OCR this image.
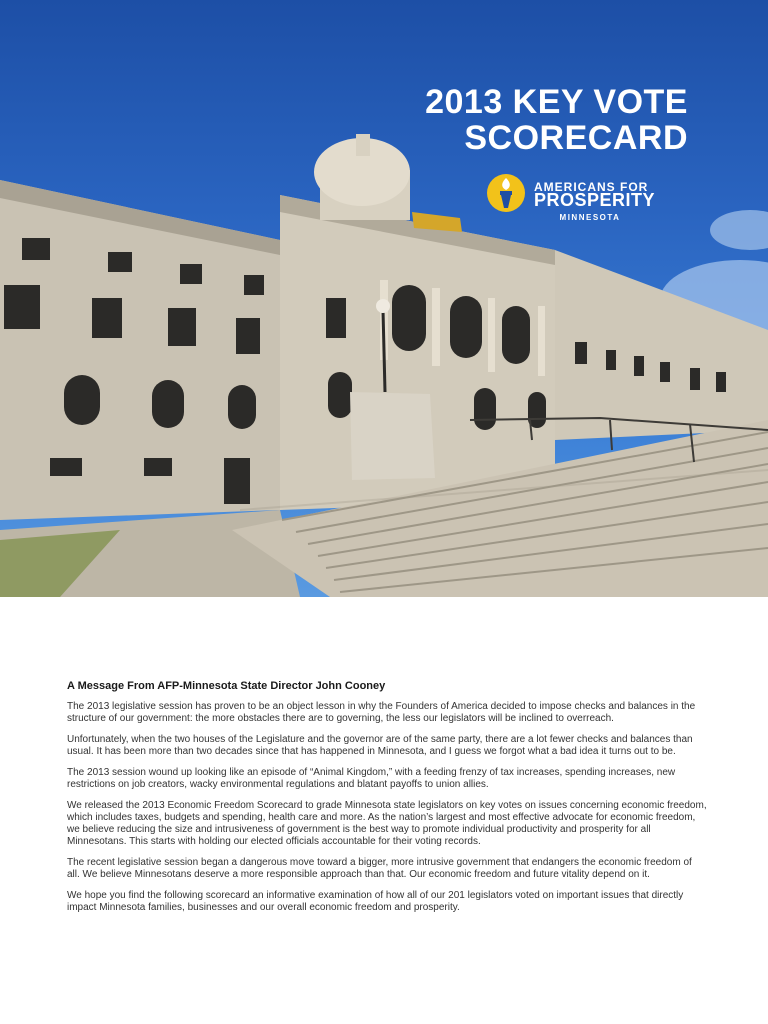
2013 KEY VOTE
SCORECARD
AMERICANS FOR
PROSPERITY
MINNESOTA
A Message From AFP-Minnesota State Director John Cooney

The 2013 legislative session has proven to be an object lesson in why the Founders of America decided to impose checks and balances in the structure of our government: the more obstacles there are to governing, the less our legislators will be inclined to overreach.

Unfortunately, when the two houses of the Legislature and the governor are of the same party, there are a lot fewer checks and balances than usual. It has been more than two decades since that has happened in Minnesota, and I guess we forgot what a bad idea it turns out to be.

The 2013 session wound up looking like an episode of “Animal Kingdom,” with a feeding frenzy of tax increases, spending increases, new restrictions on job creators, wacky environmental regulations and blatant payoffs to union allies.

We released the 2013 Economic Freedom Scorecard to grade Minnesota state legislators on key votes on issues concerning economic freedom, which includes taxes, budgets and spending, health care and more. As the nation’s largest and most effective advocate for economic freedom, we believe reducing the size and intrusiveness of government is the best way to promote individual productivity and prosperity for all Minnesotans. This starts with holding our elected officials accountable for their voting records.

The recent legislative session began a dangerous move toward a bigger, more intrusive government that endangers the economic freedom of all. We believe Minnesotans deserve a more responsible approach than that. Our economic freedom and future vitality depend on it.

We hope you find the following scorecard an informative examination of how all of our 201 legislators voted on important issues that directly impact Minnesota families, businesses and our overall economic freedom and prosperity.
